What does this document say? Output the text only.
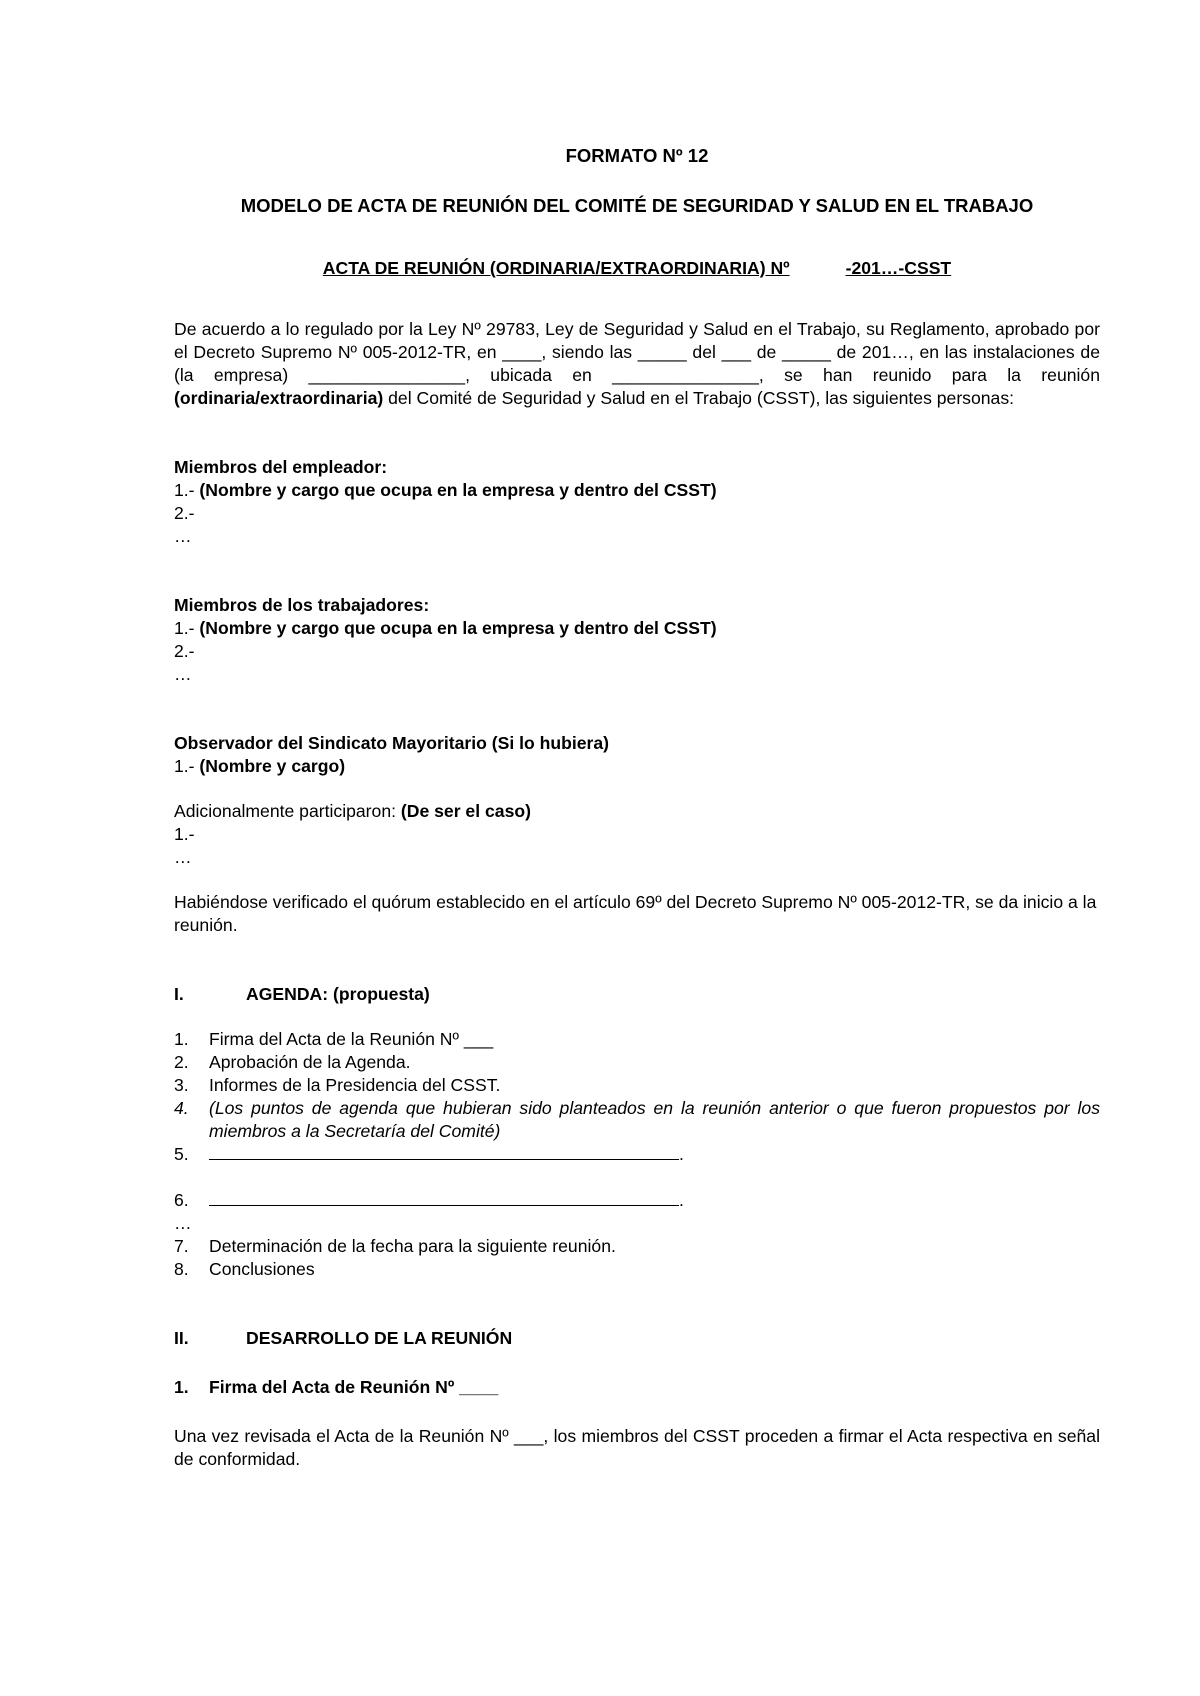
FORMATO Nº 12

MODELO DE ACTA DE REUNIÓN DEL COMITÉ DE SEGURIDAD Y SALUD EN EL TRABAJO

ACTA DE REUNIÓN (ORDINARIA/EXTRAORDINARIA) Nº	-201…-CSST

De acuerdo a lo regulado por la Ley Nº 29783, Ley de Seguridad y Salud en el Trabajo, su Reglamento, aprobado por el Decreto Supremo Nº 005-2012-TR, en ____, siendo las _____ del ___ de _____ de 201…, en las instalaciones de (la empresa) ________________, ubicada en _______________, se han reunido para la reunión (ordinaria/extraordinaria) del Comité de Seguridad y Salud en el Trabajo (CSST), las siguientes personas:

Miembros del empleador:

1.- (Nombre y cargo que ocupa en la empresa y dentro del CSST)

2.-

…

Miembros de los trabajadores:

1.- (Nombre y cargo que ocupa en la empresa y dentro del CSST)

2.-

…

Observador del Sindicato Mayoritario (Si lo hubiera)

1.- (Nombre y cargo)

Adicionalmente participaron: (De ser el caso)

1.-

…

Habiéndose verificado el quórum establecido en el artículo 69º del Decreto Supremo Nº 005-2012-TR, se da inicio a la reunión.

I.	AGENDA: (propuesta)
1.	Firma del Acta de la Reunión Nº ___
2.	Aprobación de la Agenda.
3.	Informes de la Presidencia del CSST.
4.	(Los puntos de agenda que hubieran sido planteados en la reunión anterior o que fueron propuestos por los miembros a la Secretaría del Comité)
5.	.
6.	.
…
7.	Determinación de la fecha para la siguiente reunión.
8.	Conclusiones
II.	DESARROLLO DE LA REUNIÓN
1.	Firma del Acta de Reunión Nº ____

Una vez revisada el Acta de la Reunión Nº ___, los miembros del CSST proceden a firmar el Acta respectiva en señal de conformidad.
